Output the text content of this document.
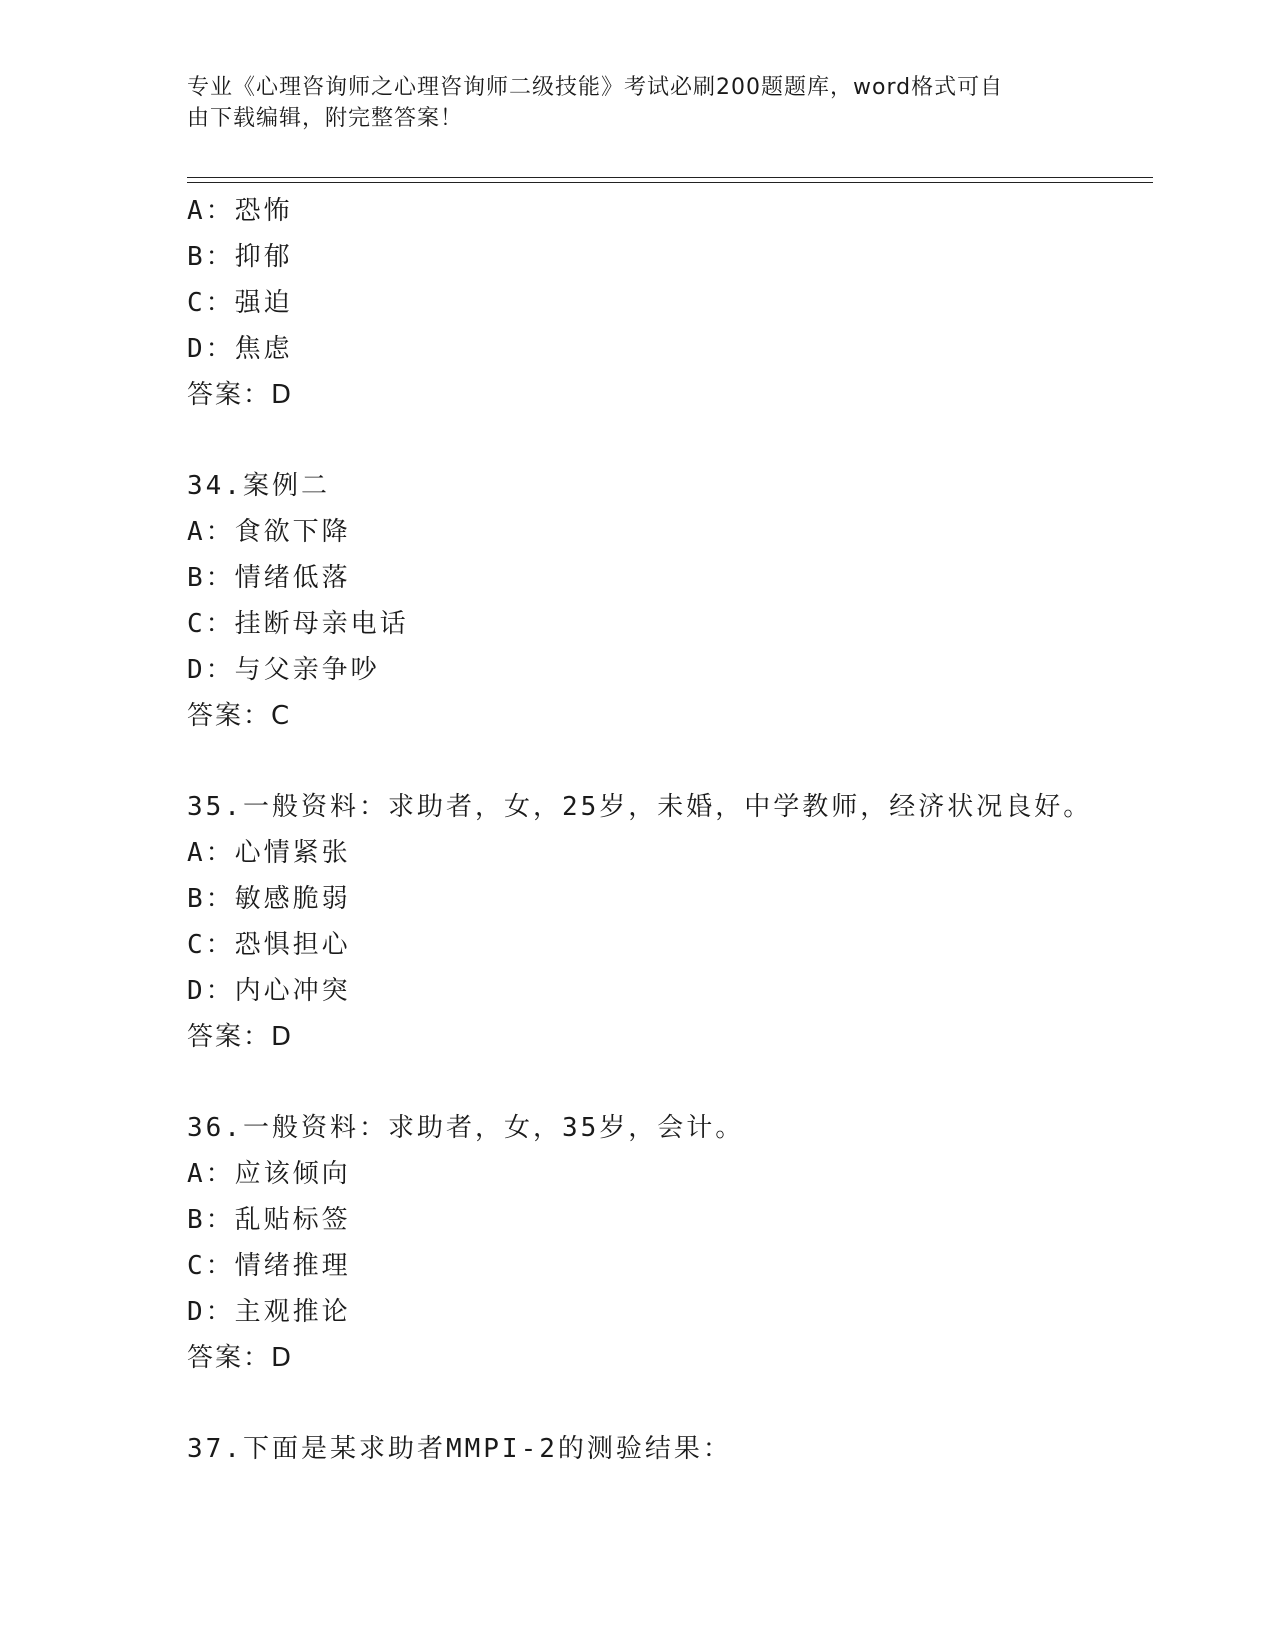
专业《心理咨询师之心理咨询师二级技能》考试必刷200题题库，word格式可自
由下载编辑，附完整答案！
A：恐怖
B：抑郁
C：强迫
D：焦虑
答案：D
34.案例二
A：食欲下降
B：情绪低落
C：挂断母亲电话
D：与父亲争吵
答案：C
35.一般资料：求助者，女，25岁，未婚，中学教师，经济状况良好。
A：心情紧张
B：敏感脆弱
C：恐惧担心
D：内心冲突
答案：D
36.一般资料：求助者，女，35岁，会计。
A：应该倾向
B：乱贴标签
C：情绪推理
D：主观推论
答案：D
37.下面是某求助者MMPI-2的测验结果：
